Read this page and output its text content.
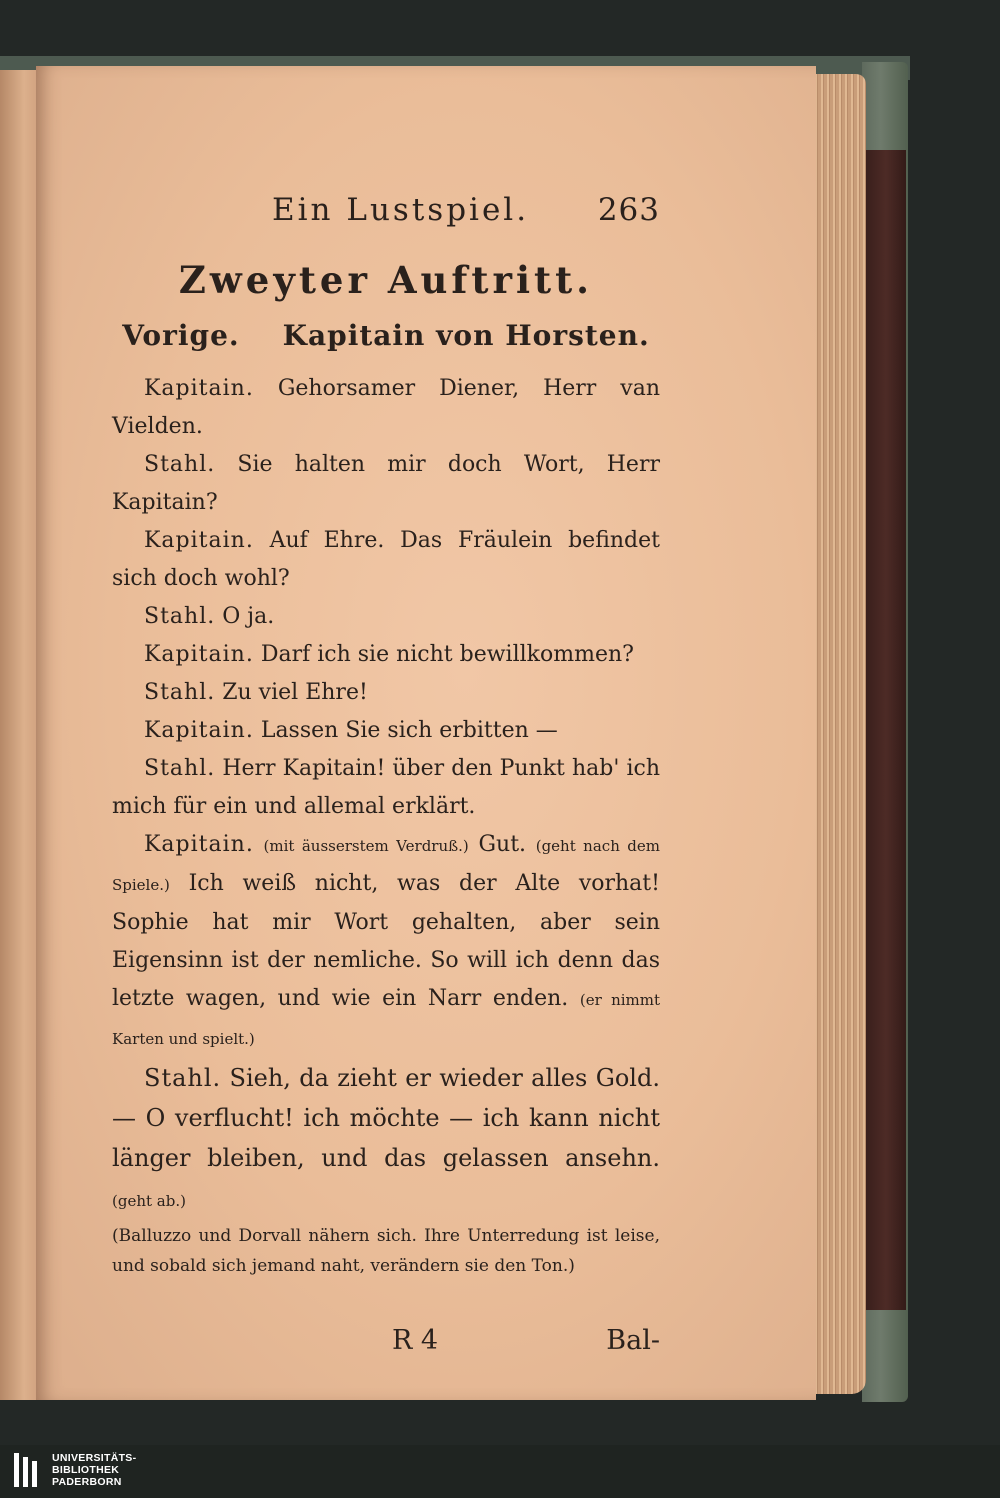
Ein Lustspiel. 263
Zweyter Auftritt.
Vorige.    Kapitain von Horsten.

Kapitain. Gehorsamer Diener, Herr van Vielden.

Stahl. Sie halten mir doch Wort, Herr Kapitain?

Kapitain. Auf Ehre. Das Fräulein befindet sich doch wohl?

Stahl. O ja.

Kapitain. Darf ich sie nicht bewillkommen?

Stahl. Zu viel Ehre!

Kapitain. Lassen Sie sich erbitten —

Stahl. Herr Kapitain! über den Punkt hab' ich mich für ein und allemal erklärt.

Kapitain. (mit äusserstem Verdruß.) Gut. (geht nach dem Spiele.) Ich weiß nicht, was der Alte vorhat! Sophie hat mir Wort gehalten, aber sein Eigensinn ist der nemliche. So will ich denn das letzte wagen, und wie ein Narr enden. (er nimmt Karten und spielt.)

Stahl. Sieh, da zieht er wieder alles Gold. — O verflucht! ich möchte — ich kann nicht länger bleiben, und das gelassen ansehn. (geht ab.)

(Balluzzo und Dorvall nähern sich. Ihre Unterredung ist leise, und sobald sich jemand naht, verändern sie den Ton.)

R 4	Bal-
UNIVERSITÄTS-
BIBLIOTHEK
PADERBORN
